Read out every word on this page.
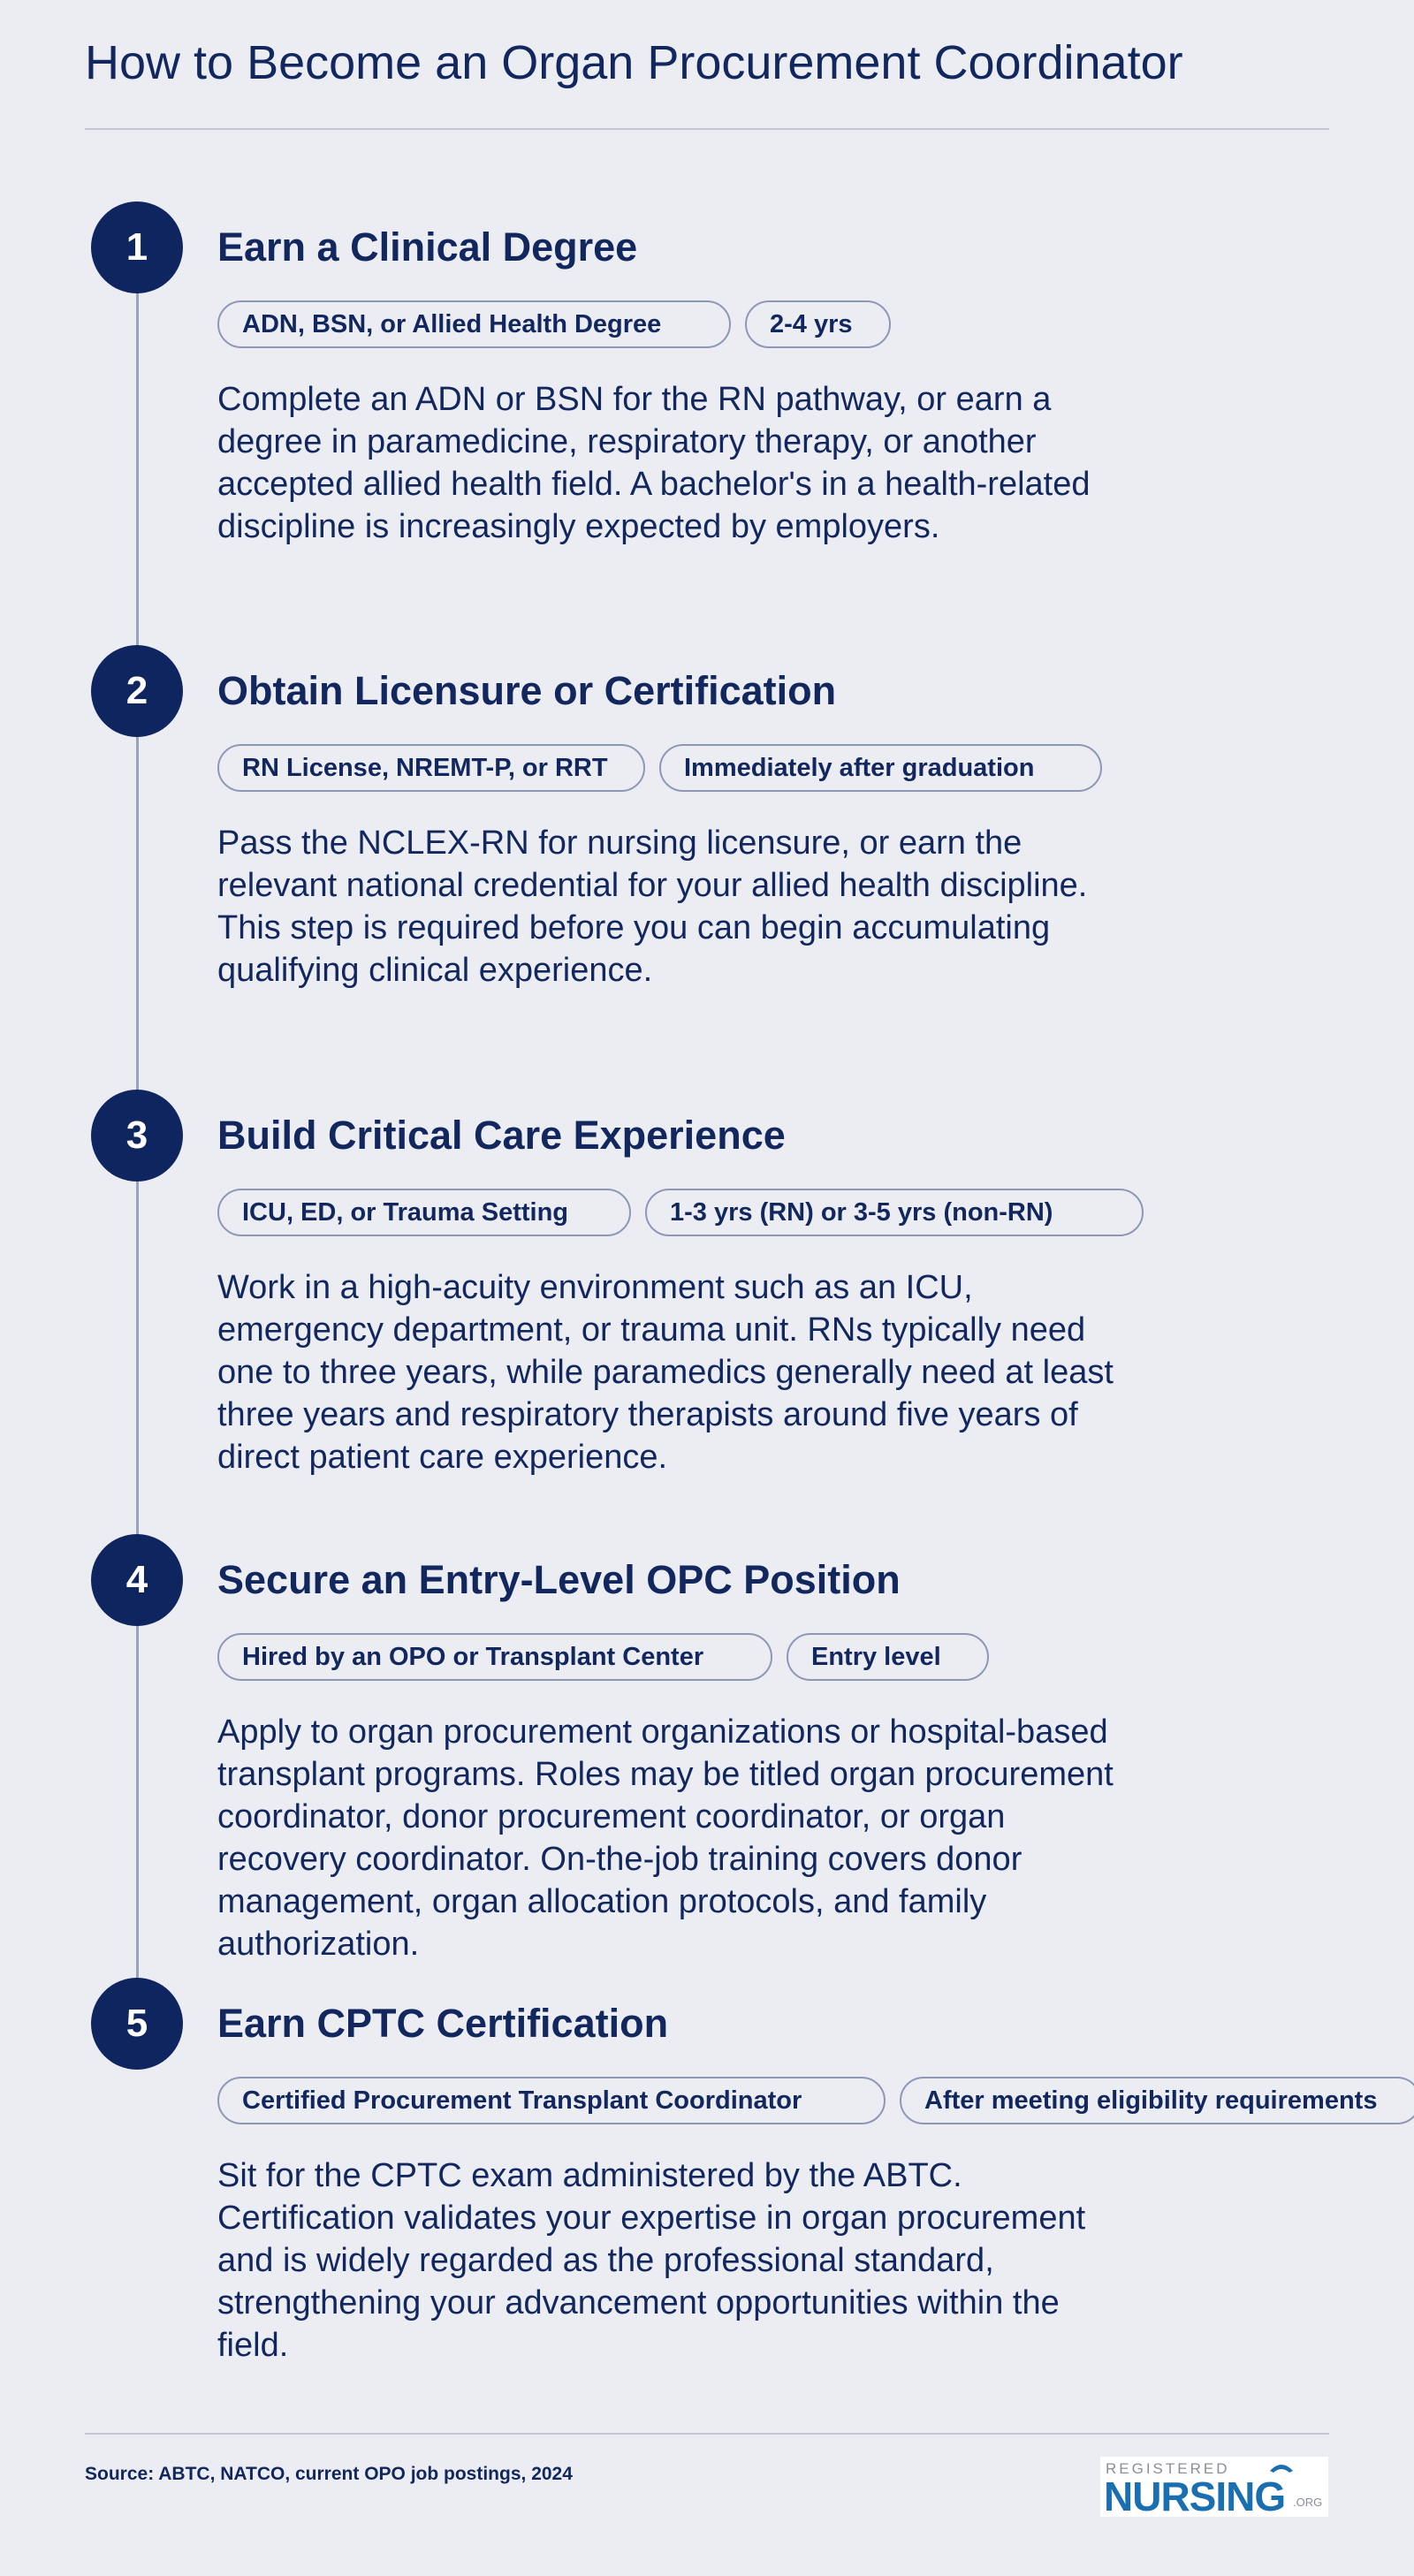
How to Become an Organ Procurement Coordinator
1	Earn a Clinical Degree
ADN, BSN, or Allied Health Degree	2-4 yrs

Complete an ADN or BSN for the RN pathway, or earn a degree in paramedicine, respiratory therapy, or another accepted allied health field. A bachelor's in a health-related discipline is increasingly expected by employers.

2	Obtain Licensure or Certification
RN License, NREMT-P, or RRT	Immediately after graduation

Pass the NCLEX-RN for nursing licensure, or earn the relevant national credential for your allied health discipline. This step is required before you can begin accumulating qualifying clinical experience.

3	Build Critical Care Experience
ICU, ED, or Trauma Setting	1-3 yrs (RN) or 3-5 yrs (non-RN)

Work in a high-acuity environment such as an ICU, emergency department, or trauma unit. RNs typically need one to three years, while paramedics generally need at least three years and respiratory therapists around five years of direct patient care experience.

4	Secure an Entry-Level OPC Position
Hired by an OPO or Transplant Center	Entry level

Apply to organ procurement organizations or hospital-based transplant programs. Roles may be titled organ procurement coordinator, donor procurement coordinator, or organ recovery coordinator. On-the-job training covers donor management, organ allocation protocols, and family authorization.

5	Earn CPTC Certification
Certified Procurement Transplant Coordinator	After meeting eligibility requirements

Sit for the CPTC exam administered by the ABTC. Certification validates your expertise in organ procurement and is widely regarded as the professional standard, strengthening your advancement opportunities within the field.

Source: ABTC, NATCO, current OPO job postings, 2024	REGISTERED
NURSING .ORG
